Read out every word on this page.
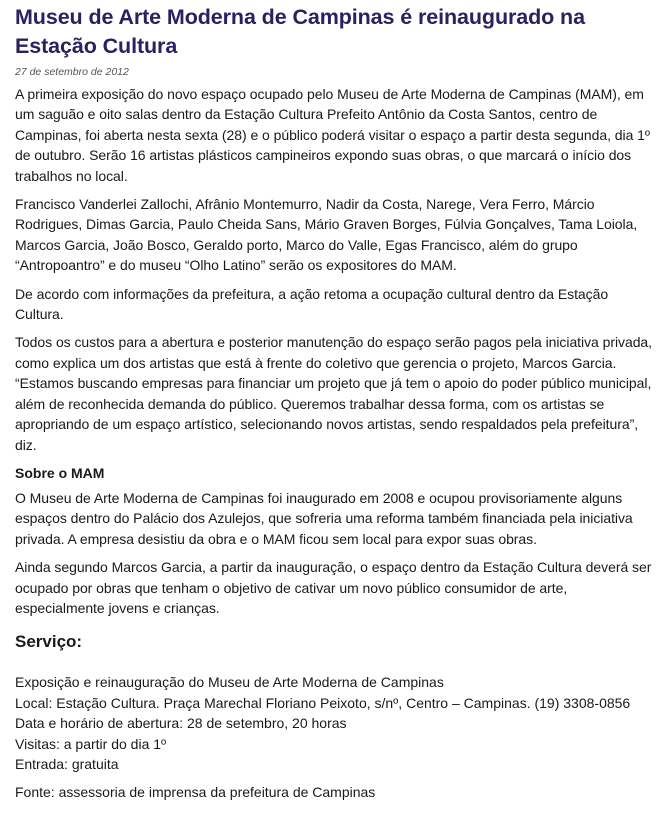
Museu de Arte Moderna de Campinas é reinaugurado na Estação Cultura
27 de setembro de 2012

A primeira exposição do novo espaço ocupado pelo Museu de Arte Moderna de Campinas (MAM), em um saguão e oito salas dentro da Estação Cultura Prefeito Antônio da Costa Santos, centro de Campinas, foi aberta nesta sexta (28) e o público poderá visitar o espaço a partir desta segunda, dia 1º de outubro. Serão 16 artistas plásticos campineiros expondo suas obras, o que marcará o início dos trabalhos no local.

Francisco Vanderlei Zallochi, Afrânio Montemurro, Nadir da Costa, Narege, Vera Ferro, Márcio Rodrigues, Dimas Garcia, Paulo Cheida Sans, Mário Graven Borges, Fúlvia Gonçalves, Tama Loiola, Marcos Garcia, João Bosco, Geraldo porto, Marco do Valle, Egas Francisco, além do grupo “Antropoantro” e do museu “Olho Latino” serão os expositores do MAM.

De acordo com informações da prefeitura, a ação retoma a ocupação cultural dentro da Estação Cultura.

Todos os custos para a abertura e posterior manutenção do espaço serão pagos pela iniciativa privada, como explica um dos artistas que está à frente do coletivo que gerencia o projeto, Marcos Garcia. “Estamos buscando empresas para financiar um projeto que já tem o apoio do poder público municipal, além de reconhecida demanda do público. Queremos trabalhar dessa forma, com os artistas se apropriando de um espaço artístico, selecionando novos artistas, sendo respaldados pela prefeitura”, diz.

Sobre o MAM

O Museu de Arte Moderna de Campinas foi inaugurado em 2008 e ocupou provisoriamente alguns espaços dentro do Palácio dos Azulejos, que sofreria uma reforma também financiada pela iniciativa privada. A empresa desistiu da obra e o MAM ficou sem local para expor suas obras.

Ainda segundo Marcos Garcia, a partir da inauguração, o espaço dentro da Estação Cultura deverá ser ocupado por obras que tenham o objetivo de cativar um novo público consumidor de arte, especialmente jovens e crianças.

Serviço:
Exposição e reinauguração do Museu de Arte Moderna de Campinas
Local: Estação Cultura. Praça Marechal Floriano Peixoto, s/nº, Centro – Campinas. (19) 3308-0856
Data e horário de abertura: 28 de setembro, 20 horas
Visitas: a partir do dia 1º
Entrada: gratuita

Fonte: assessoria de imprensa da prefeitura de Campinas
